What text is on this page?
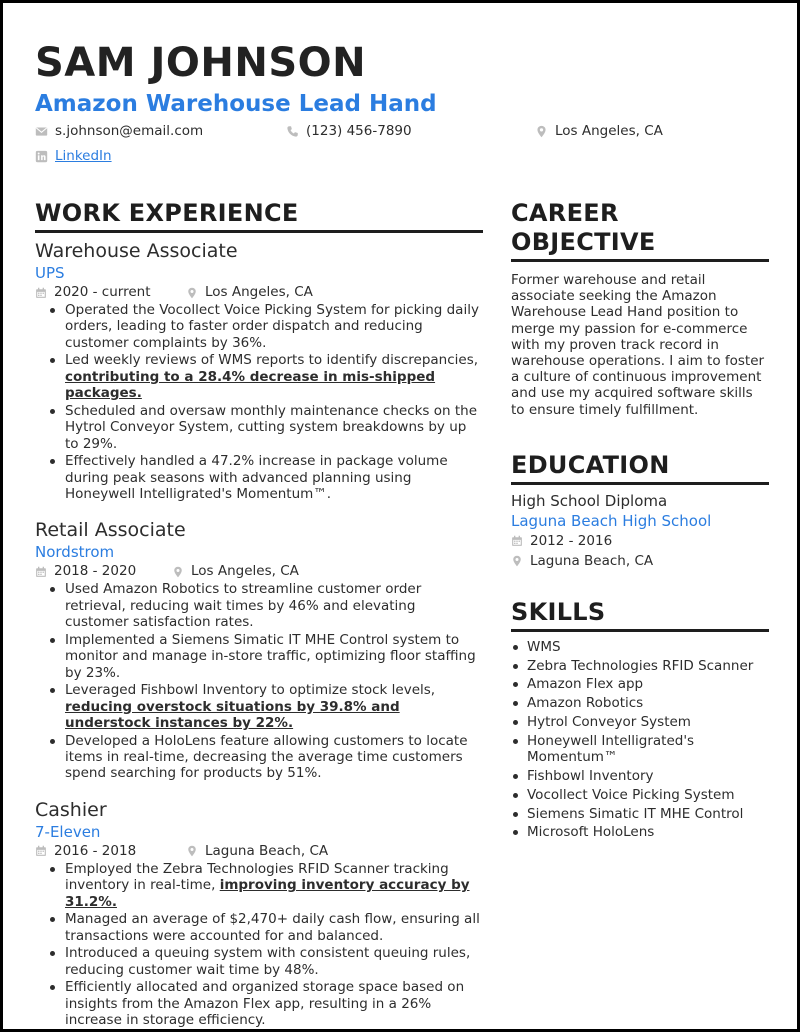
SAM JOHNSON
Amazon Warehouse Lead Hand
s.johnson@email.com	(123) 456-7890	Los Angeles, CA
LinkedIn
WORK EXPERIENCE
Warehouse Associate
UPS
2020 - current	Los Angeles, CA
Operated the Vocollect Voice Picking System for picking daily orders, leading to faster order dispatch and reducing customer complaints by 36%.
Led weekly reviews of WMS reports to identify discrepancies, contributing to a 28.4% decrease in mis-shipped packages.
Scheduled and oversaw monthly maintenance checks on the Hytrol Conveyor System, cutting system breakdowns by up to 29%.
Effectively handled a 47.2% increase in package volume during peak seasons with advanced planning using Honeywell Intelligrated's Momentum™.
Retail Associate
Nordstrom
2018 - 2020	Los Angeles, CA
Used Amazon Robotics to streamline customer order retrieval, reducing wait times by 46% and elevating customer satisfaction rates.
Implemented a Siemens Simatic IT MHE Control system to monitor and manage in-store traffic, optimizing floor staffing by 23%.
Leveraged Fishbowl Inventory to optimize stock levels, reducing overstock situations by 39.8% and understock instances by 22%.
Developed a HoloLens feature allowing customers to locate items in real-time, decreasing the average time customers spend searching for products by 51%.
Cashier
7-Eleven
2016 - 2018	Laguna Beach, CA
Employed the Zebra Technologies RFID Scanner tracking inventory in real-time, improving inventory accuracy by 31.2%.
Managed an average of $2,470+ daily cash flow, ensuring all transactions were accounted for and balanced.
Introduced a queuing system with consistent queuing rules, reducing customer wait time by 48%.
Efficiently allocated and organized storage space based on insights from the Amazon Flex app, resulting in a 26% increase in storage efficiency.
CAREER OBJECTIVE

Former warehouse and retail associate seeking the Amazon Warehouse Lead Hand position to merge my passion for e-commerce with my proven track record in warehouse operations. I aim to foster a culture of continuous improvement and use my acquired software skills to ensure timely fulfillment.

EDUCATION
High School Diploma
Laguna Beach High School
2012 - 2016
Laguna Beach, CA
SKILLS
WMS
Zebra Technologies RFID Scanner
Amazon Flex app
Amazon Robotics
Hytrol Conveyor System
Honeywell Intelligrated's Momentum™
Fishbowl Inventory
Vocollect Voice Picking System
Siemens Simatic IT MHE Control
Microsoft HoloLens
